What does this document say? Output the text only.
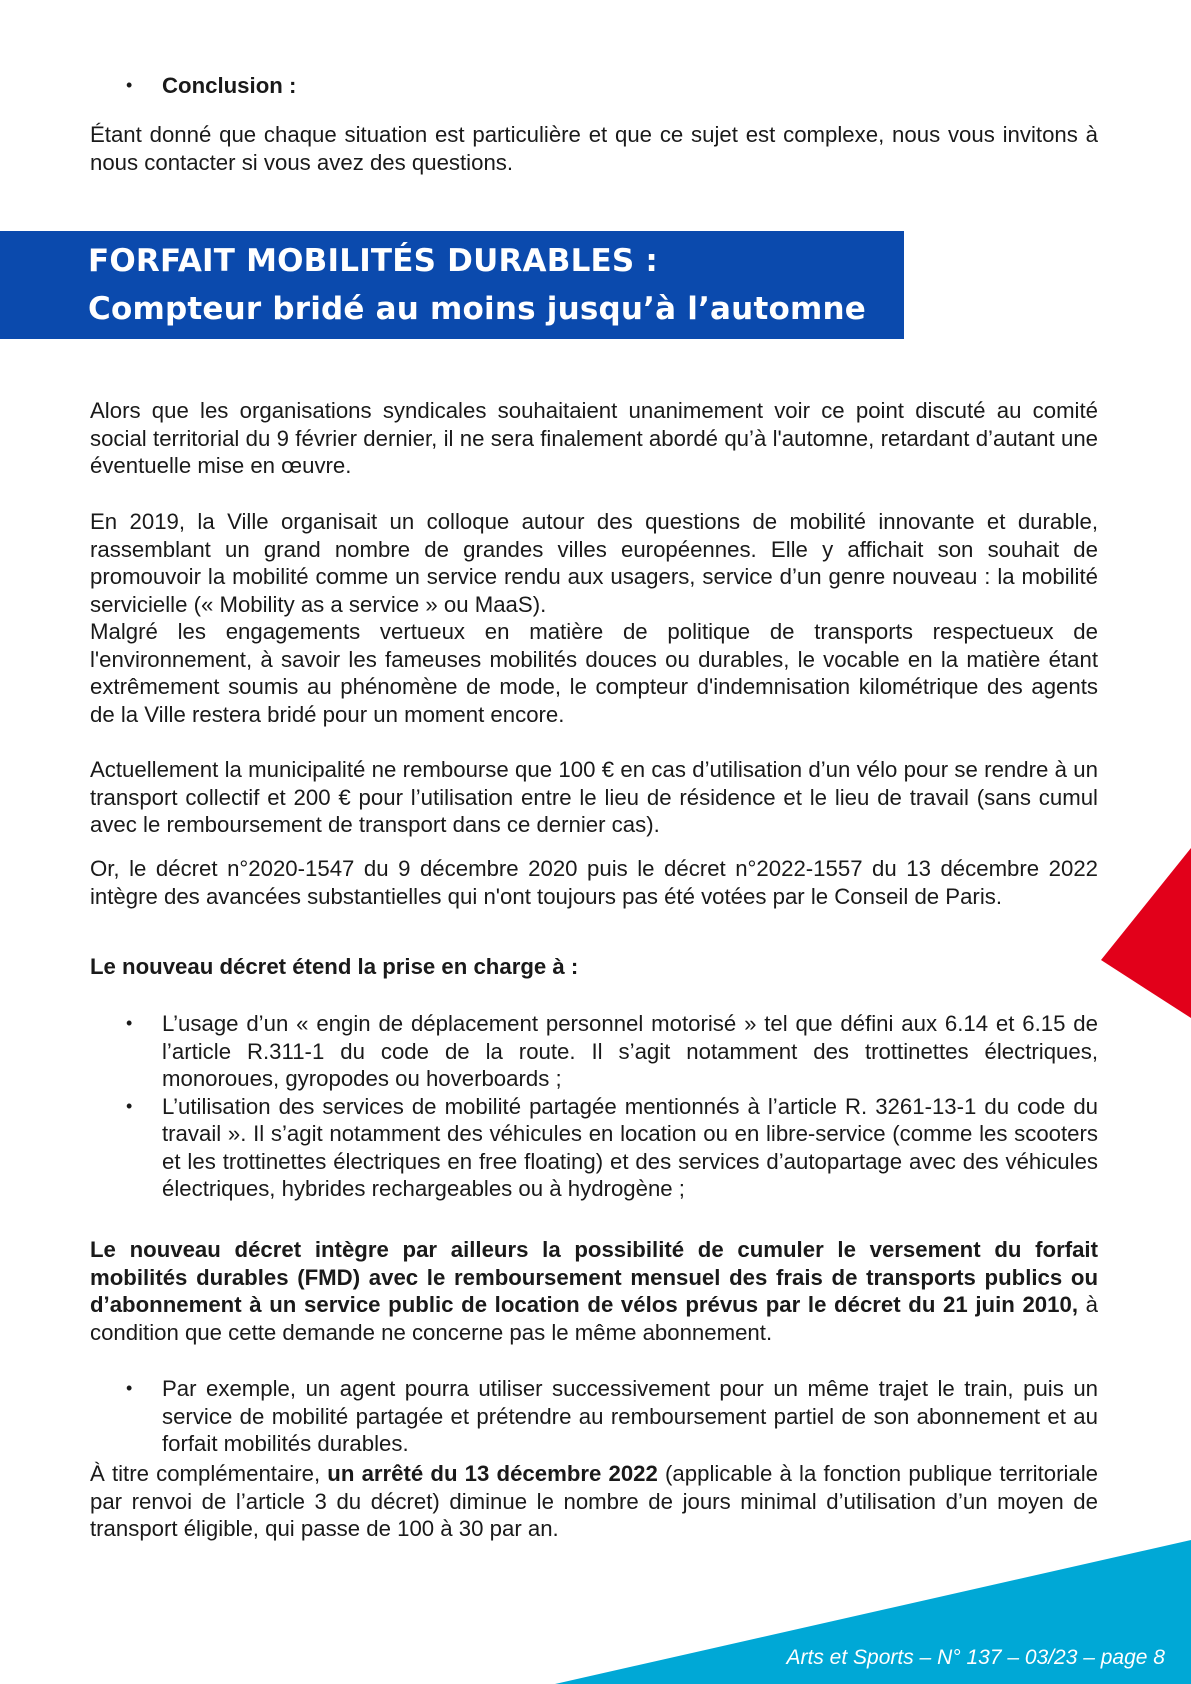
• Conclusion :

Étant donné que chaque situation est particulière et que ce sujet est complexe, nous vous invitons à nous contacter si vous avez des questions.

FORFAIT MOBILITÉS DURABLES :
Compteur bridé au moins jusqu’à l’automne

Alors que les organisations syndicales souhaitaient unanimement voir ce point discuté au comité social territorial du 9 février dernier, il ne sera finalement abordé qu’à l'automne, retardant d’autant une éventuelle mise en œuvre.

En 2019, la Ville organisait un colloque autour des questions de mobilité innovante et durable, rassemblant un grand nombre de grandes villes européennes. Elle y affichait son souhait de promouvoir la mobilité comme un service rendu aux usagers, service d’un genre nouveau : la mobilité servicielle (« Mobility as a service » ou MaaS).

Malgré les engagements vertueux en matière de politique de transports respectueux de l'environnement, à savoir les fameuses mobilités douces ou durables, le vocable en la matière étant extrêmement soumis au phénomène de mode, le compteur d'indemnisation kilométrique des agents de la Ville restera bridé pour un moment encore.

Actuellement la municipalité ne rembourse que 100 € en cas d’utilisation d’un vélo pour se rendre à un transport collectif et 200 € pour l’utilisation entre le lieu de résidence et le lieu de travail (sans cumul avec le remboursement de transport dans ce dernier cas).

Or, le décret n°2020-1547 du 9 décembre 2020 puis le décret n°2022-1557 du 13 décembre 2022 intègre des avancées substantielles qui n'ont toujours pas été votées par le Conseil de Paris.

Le nouveau décret étend la prise en charge à :

•	L’usage d’un « engin de déplacement personnel motorisé » tel que défini aux 6.14 et 6.15 de l’article R.311-1 du code de la route. Il s’agit notamment des trottinettes électriques, monoroues, gyropodes ou hoverboards ;
•	L’utilisation des services de mobilité partagée mentionnés à l’article R. 3261-13-1 du code du travail ». Il s’agit notamment des véhicules en location ou en libre-service (comme les scooters et les trottinettes électriques en free floating) et des services d’autopartage avec des véhicules électriques, hybrides rechargeables ou à hydrogène ;

Le nouveau décret intègre par ailleurs la possibilité de cumuler le versement du forfait mobilités durables (FMD) avec le remboursement mensuel des frais de transports publics ou d’abonnement à un service public de location de vélos prévus par le décret du 21 juin 2010, à condition que cette demande ne concerne pas le même abonnement.

•	Par exemple, un agent pourra utiliser successivement pour un même trajet le train, puis un service de mobilité partagée et prétendre au remboursement partiel de son abonnement et au forfait mobilités durables.

À titre complémentaire, un arrêté du 13 décembre 2022 (applicable à la fonction publique territoriale par renvoi de l’article 3 du décret) diminue le nombre de jours minimal d’utilisation d’un moyen de transport éligible, qui passe de 100 à 30 par an.

Arts et Sports – N° 137 – 03/23 – page 8
